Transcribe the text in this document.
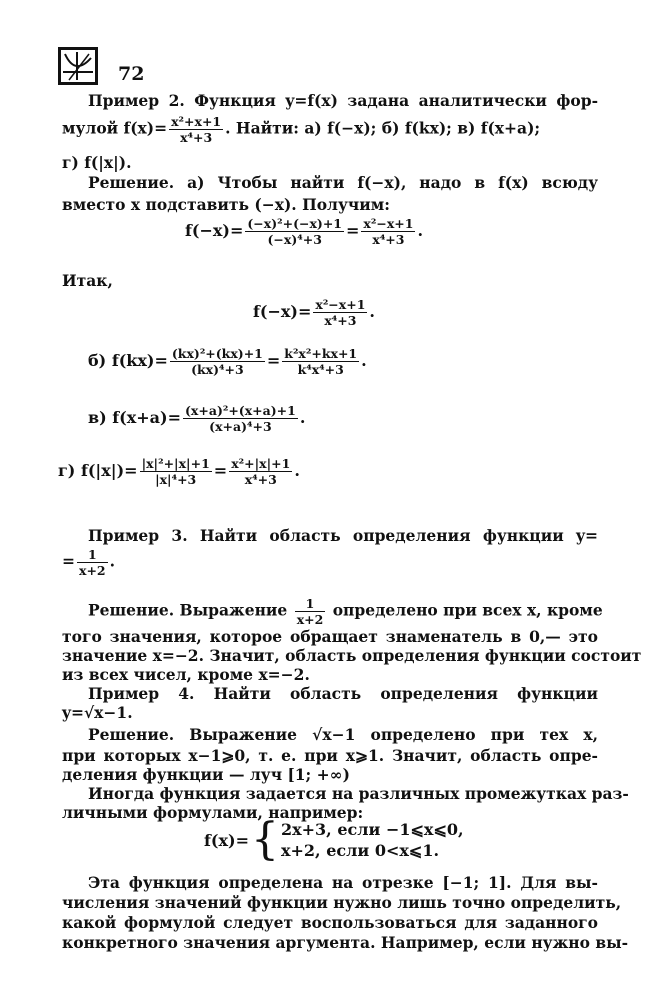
72
Пример 2. Функция y=f(x) задана аналитически фор-
мулой $f(x)= \frac{\text{x²+x+1}}{\text{x⁴+3}}$ . Найти: а) f(−x); б) f(kx); в) f(x+a);
г) f(|x|).
Решение. а) Чтобы найти f(−x), надо в f(x) всюду
вместо x подставить (−x). Получим:
$f(-x)= \frac{\text{(−x)²+(−x)+1}}{\text{(−x)⁴+3}} = \frac{\text{x²−x+1}}{\text{x⁴+3}}$ .
Итак,
$f(-x)= \frac{\text{x²−x+1}}{\text{x⁴+3}}$ .
б) $f(kx)= \frac{\text{(kx)²+(kx)+1}}{\text{(kx)⁴+3}} = \frac{\text{k²x²+kx+1}}{\text{k⁴x⁴+3}}$ .
в) $f(x+a)= \frac{\text{(x+a)²+(x+a)+1}}{\text{(x+a)⁴+3}}$ .
г) $f(|x|)= \frac{\text{|x|²+|x|+1}}{\text{|x|⁴+3}} = \frac{\text{x²+|x|+1}}{\text{x⁴+3}}$ .
Пример 3. Найти область определения функции y=
= $\frac{1}{x+2}$ .
Решение. Выражение $\frac{1}{x+2}$ определено при всех x, кроме
того значения, которое обращает знаменатель в 0,— это
значение x=−2. Значит, область определения функции состоит
из всех чисел, кроме x=−2.
Пример 4. Найти область определения функции
y=√x−1.
Решение. Выражение √x−1 определено при тех x,
при которых x−1⩾0, т. е. при x⩾1. Значит, область опре-
деления функции — луч [1; +∞)
Иногда функция задается на различных промежутках раз-
личными формулами, например:
f(x)={ 2x+3, если −1⩽x⩽0,
x+2, если 0<x⩽1.
Эта функция определена на отрезке [−1; 1]. Для вы-
числения значений функции нужно лишь точно определить,
какой формулой следует воспользоваться для заданного
конкретного значения аргумента. Например, если нужно вы-
